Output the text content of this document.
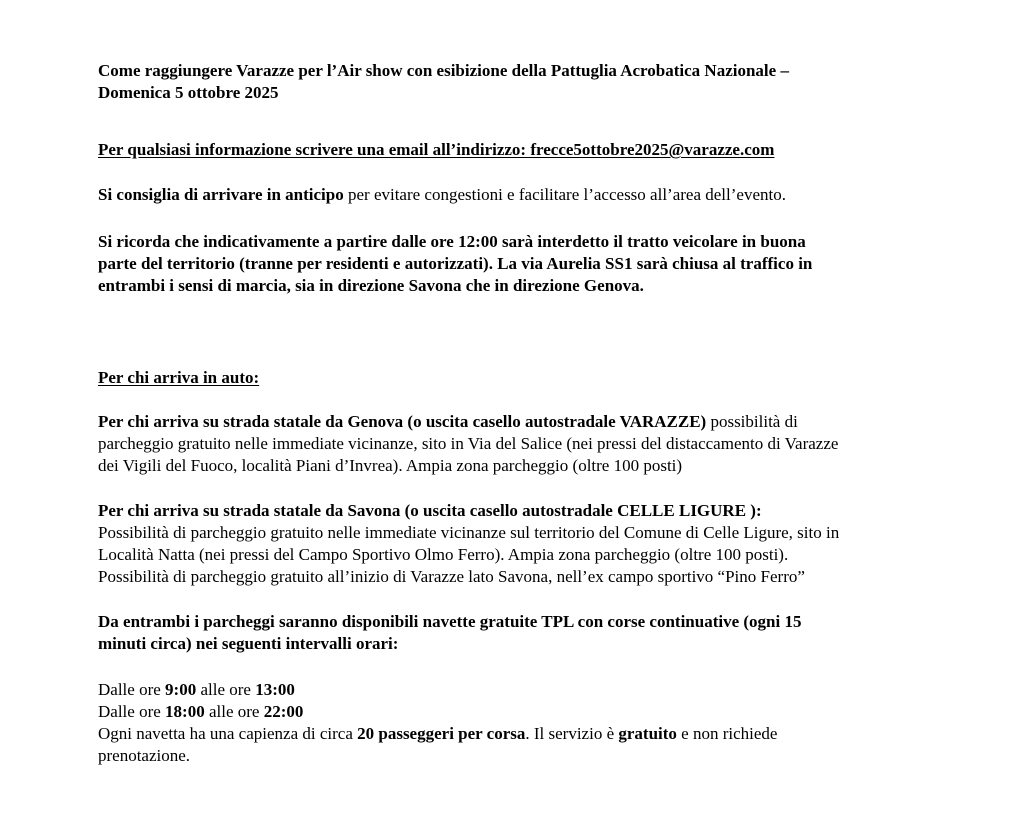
Come raggiungere Varazze per l’Air show con esibizione della Pattuglia Acrobatica Nazionale –
Domenica 5 ottobre 2025
Per qualsiasi informazione scrivere una email all’indirizzo: frecce5ottobre2025@varazze.com
Si consiglia di arrivare in anticipo per evitare congestioni e facilitare l’accesso all’area dell’evento.
Si ricorda che indicativamente a partire dalle ore 12:00 sarà interdetto il tratto veicolare in buona
parte del territorio (tranne per residenti e autorizzati). La via Aurelia SS1 sarà chiusa al traffico in
entrambi i sensi di marcia, sia in direzione Savona che in direzione Genova.
Per chi arriva in auto:
Per chi arriva su strada statale da Genova (o uscita casello autostradale VARAZZE) possibilità di
parcheggio gratuito nelle immediate vicinanze, sito in Via del Salice (nei pressi del distaccamento di Varazze
dei Vigili del Fuoco, località Piani d’Invrea). Ampia zona parcheggio (oltre 100 posti)
Per chi arriva su strada statale da Savona (o uscita casello autostradale CELLE LIGURE ):
Possibilità di parcheggio gratuito nelle immediate vicinanze sul territorio del Comune di Celle Ligure, sito in
Località Natta (nei pressi del Campo Sportivo Olmo Ferro). Ampia zona parcheggio (oltre 100 posti).
Possibilità di parcheggio gratuito all’inizio di Varazze lato Savona, nell’ex campo sportivo “Pino Ferro”
Da entrambi i parcheggi saranno disponibili navette gratuite TPL con corse continuative (ogni 15
minuti circa) nei seguenti intervalli orari:
Dalle ore 9:00 alle ore 13:00
Dalle ore 18:00 alle ore 22:00
Ogni navetta ha una capienza di circa 20 passeggeri per corsa. Il servizio è gratuito e non richiede
prenotazione.
